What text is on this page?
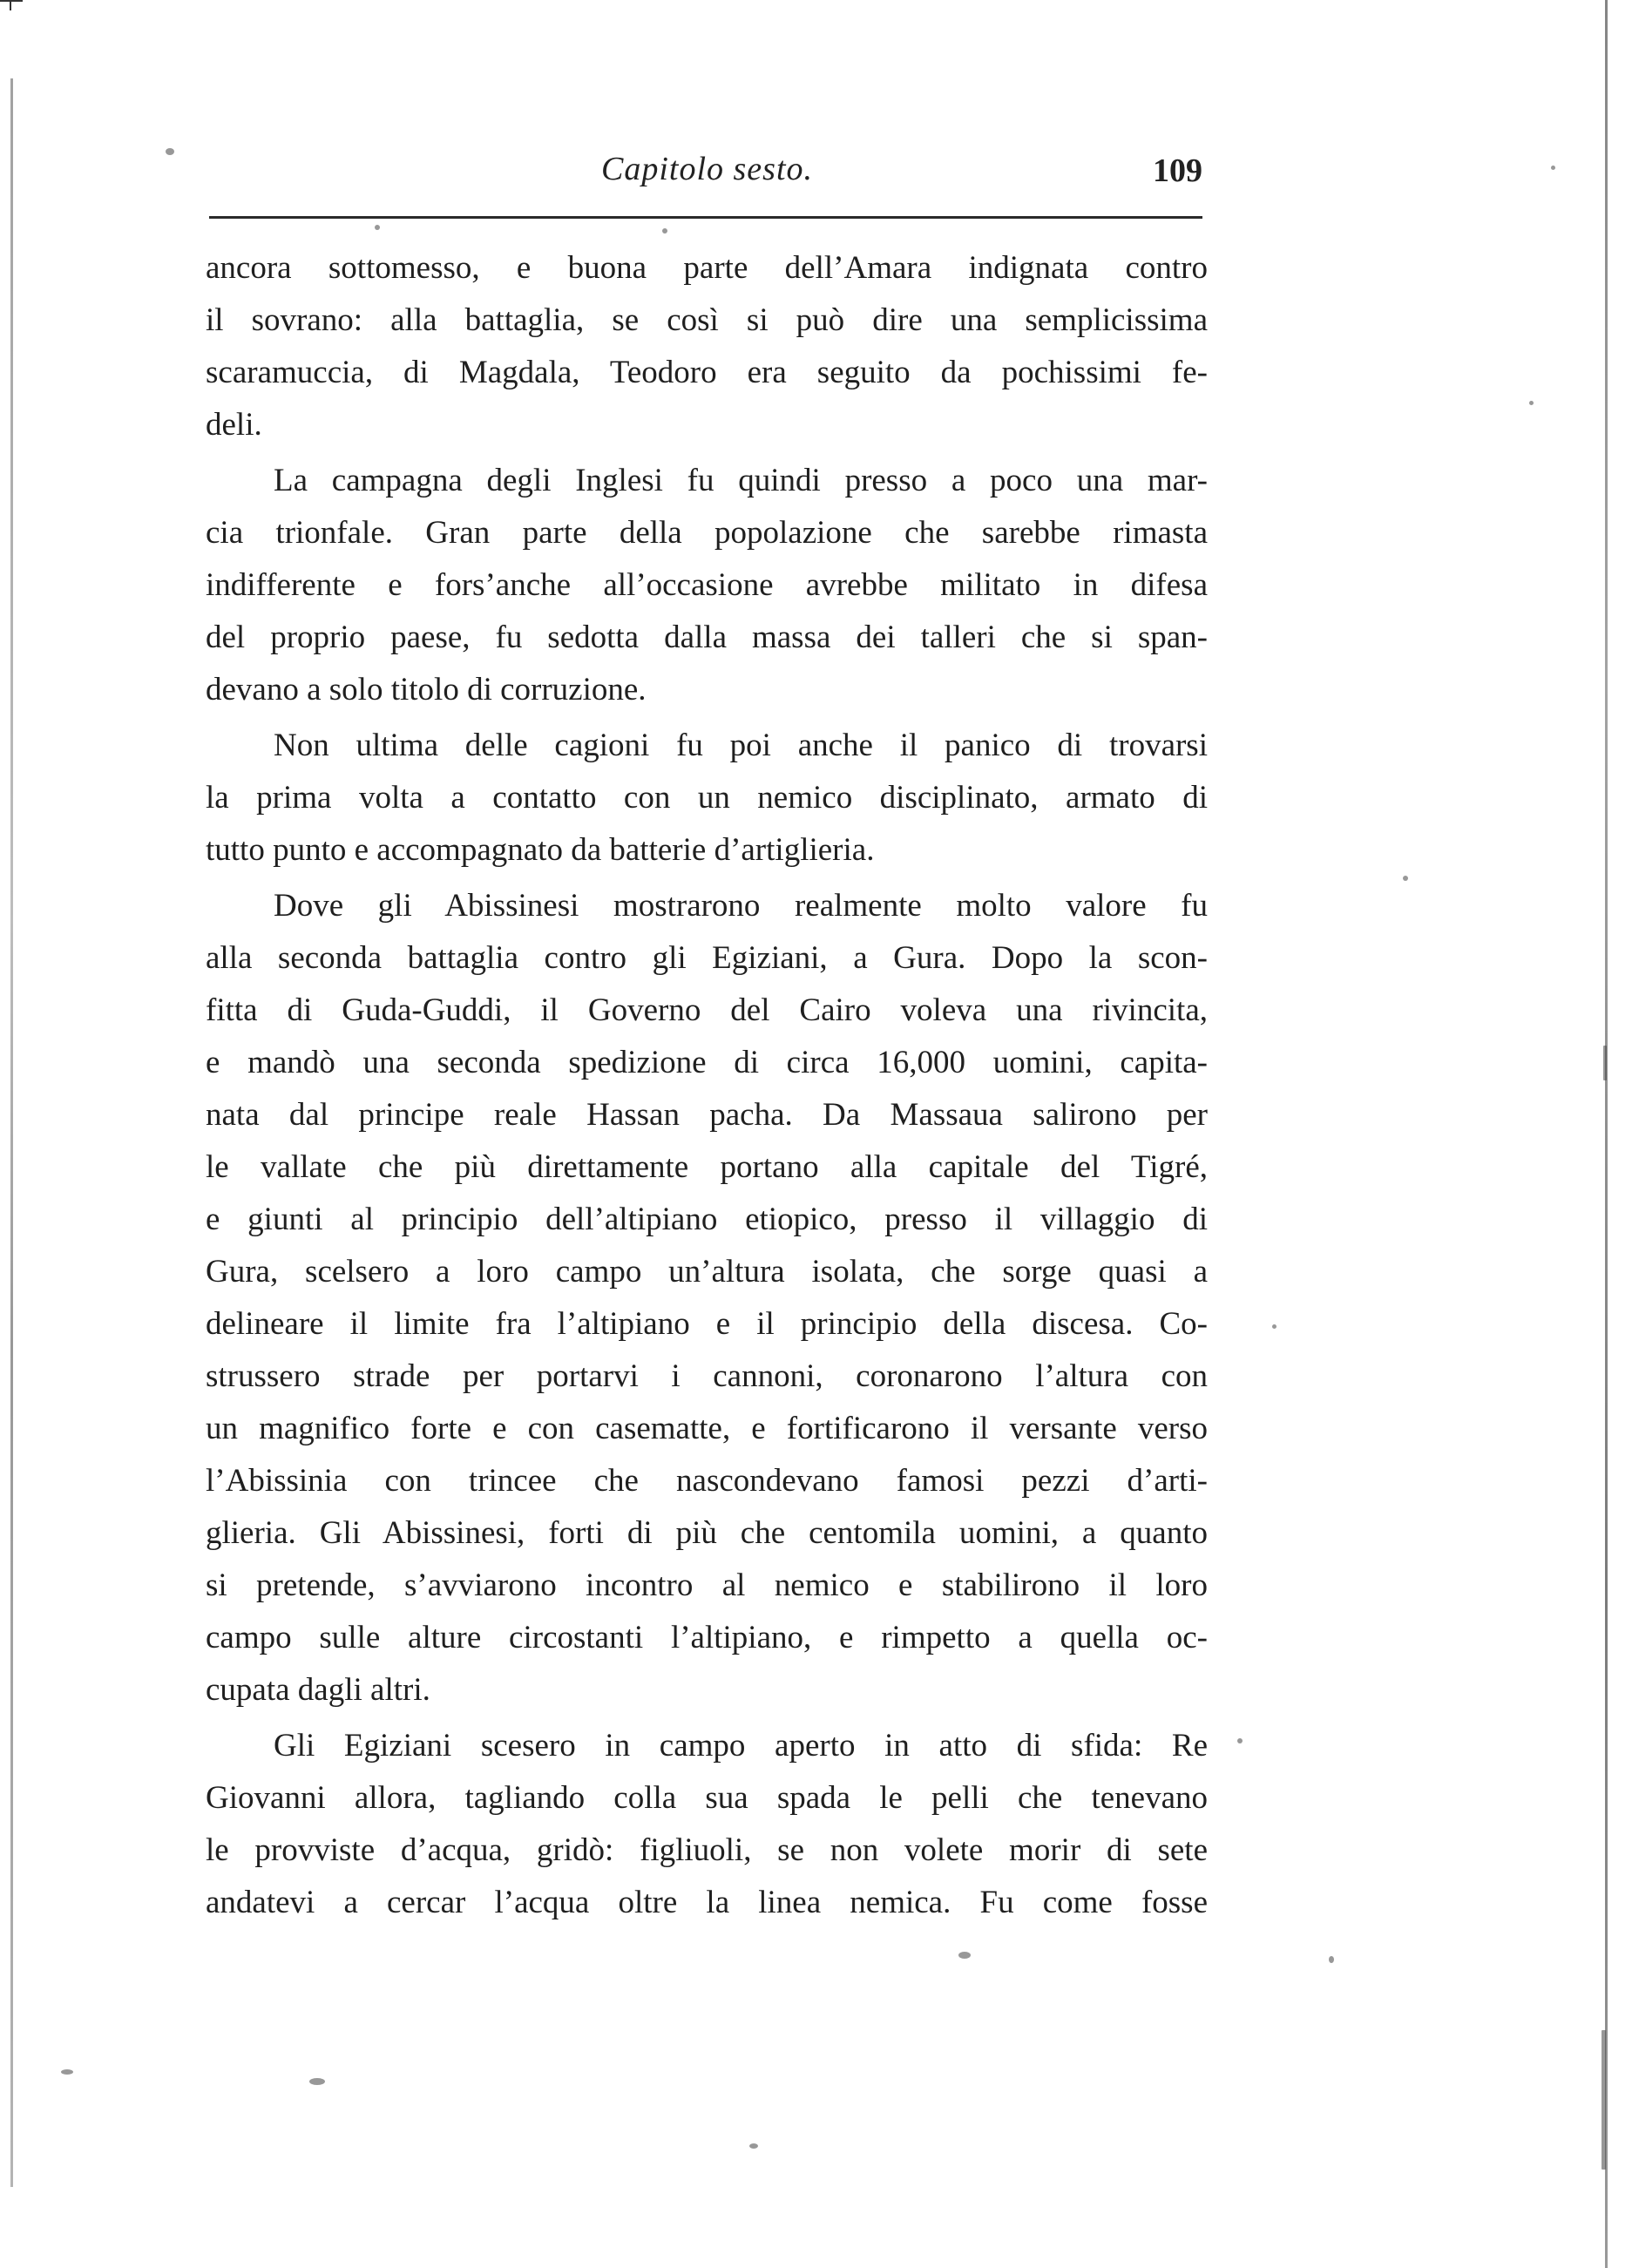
Capitolo sesto.	109
ancora sottomesso, e buona parte dell’Amara indignata contro
il sovrano: alla battaglia, se così si può dire una semplicissima
scaramuccia, di Magdala, Teodoro era seguito da pochissimi fe-
deli.
La campagna degli Inglesi fu quindi presso a poco una mar-
cia trionfale. Gran parte della popolazione che sarebbe rimasta
indifferente e fors’anche all’occasione avrebbe militato in difesa
del proprio paese, fu sedotta dalla massa dei talleri che si span-
devano a solo titolo di corruzione.
Non ultima delle cagioni fu poi anche il panico di trovarsi
la prima volta a contatto con un nemico disciplinato, armato di
tutto punto e accompagnato da batterie d’artiglieria.
Dove gli Abissinesi mostrarono realmente molto valore fu
alla seconda battaglia contro gli Egiziani, a Gura. Dopo la scon-
fitta di Guda-Guddi, il Governo del Cairo voleva una rivincita,
e mandò una seconda spedizione di circa 16,000 uomini, capita-
nata dal principe reale Hassan pacha. Da Massaua salirono per
le vallate che più direttamente portano alla capitale del Tigré,
e giunti al principio dell’altipiano etiopico, presso il villaggio di
Gura, scelsero a loro campo un’altura isolata, che sorge quasi a
delineare il limite fra l’altipiano e il principio della discesa. Co-
strussero strade per portarvi i cannoni, coronarono l’altura con
un magnifico forte e con casematte, e fortificarono il versante verso
l’Abissinia con trincee che nascondevano famosi pezzi d’arti-
glieria. Gli Abissinesi, forti di più che centomila uomini, a quanto
si pretende, s’avviarono incontro al nemico e stabilirono il loro
campo sulle alture circostanti l’altipiano, e rimpetto a quella oc-
cupata dagli altri.
Gli Egiziani scesero in campo aperto in atto di sfida: Re
Giovanni allora, tagliando colla sua spada le pelli che tenevano
le provviste d’acqua, gridò: figliuoli, se non volete morir di sete
andatevi a cercar l’acqua oltre la linea nemica. Fu come fosse
